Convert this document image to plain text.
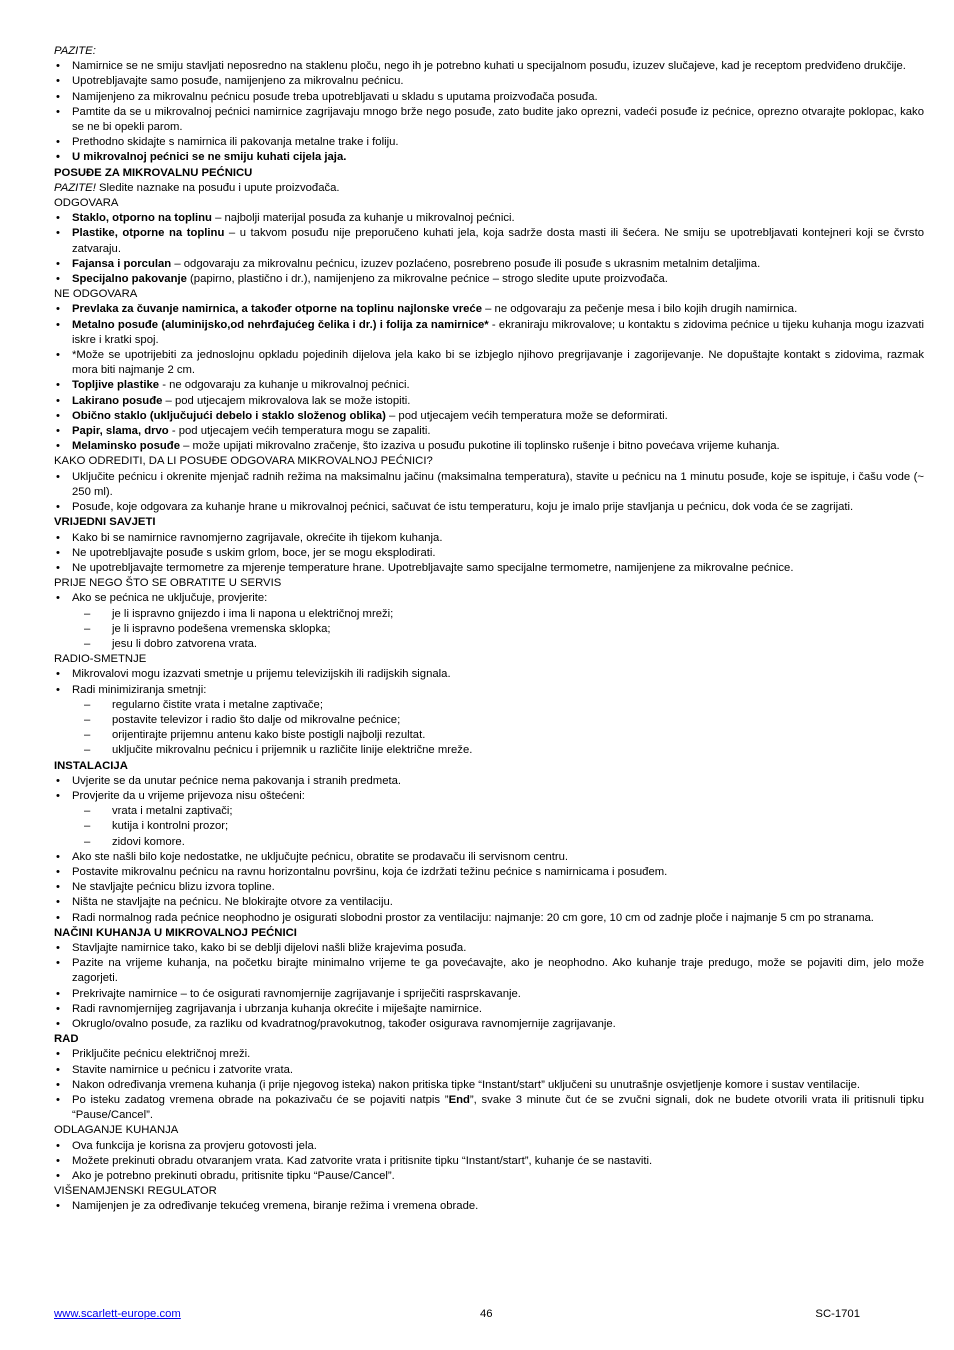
PAZITE:

• Namirnice se ne smiju stavljati neposredno na staklenu ploču, nego ih je potrebno kuhati u specijalnom posuđu, izuzev slučajeve, kad je receptom predviđeno drukčije.
• Upotrebljavajte samo posuđe, namijenjeno za mikrovalnu pećnicu.
• Namijenjeno za mikrovalnu pećnicu posuđe treba upotrebljavati u skladu s uputama proizvođača posuđa.
• Pamtite da se u mikrovalnoj pećnici namirnice zagrijavaju mnogo brže nego posuđe, zato budite jako oprezni, vadeći posuđe iz pećnice, oprezno otvarajte poklopac, kako se ne bi opekli parom.
• Prethodno skidajte s namirnica ili pakovanja metalne trake i foliju.
• U mikrovalnoj pećnici se ne smiju kuhati cijela jaja.

POSUĐE ZA MIKROVALNU PEĆNICU

PAZITE! Sledite naznake na posuđu i upute proizvođača.

ODGOVARA

• Staklo, otporno na toplinu – najbolji materijal posuđa za kuhanje u mikrovalnoj pećnici.
• Plastike, otporne na toplinu – u takvom posuđu nije preporučeno kuhati jela, koja sadrže dosta masti ili šećera. Ne smiju se upotrebljavati kontejneri koji se čvrsto zatvaraju.
• Fajansa i porculan – odgovaraju za mikrovalnu pećnicu, izuzev pozlaćeno, posrebreno posuđe ili posuđe s ukrasnim metalnim detaljima.
• Specijalno pakovanje (papirno, plastično i dr.), namijenjeno za mikrovalne pećnice – strogo sledite upute proizvođača.

NE ODGOVARA

• Prevlaka za čuvanje namirnica, a također otporne na toplinu najlonske vreće – ne odgovaraju za pečenje mesa i bilo kojih drugih namirnica.
• Metalno posuđe (aluminijsko,od nehrđajućeg čelika i dr.) i folija za namirnice* - ekraniraju mikrovalove; u kontaktu s zidovima pećnice u tijeku kuhanja mogu izazvati iskre i kratki spoj.
• *Može se upotrijebiti za jednoslojnu opkladu pojedinih dijelova jela kako bi se izbjeglo njihovo pregrijavanje i zagorijevanje. Ne dopuštajte kontakt s zidovima, razmak mora biti najmanje 2 cm.
• Topljive plastike - ne odgovaraju za kuhanje u mikrovalnoj pećnici.
• Lakirano posuđe – pod utjecajem mikrovalova lak se može istopiti.
• Obično staklo (uključujući debelo i staklo složenog oblika) – pod utjecajem većih temperatura može se deformirati.
• Papir, slama, drvo - pod utjecajem većih temperatura mogu se zapaliti.
• Melaminsko posuđe – može upijati mikrovalno zračenje, što izaziva u posuđu pukotine ili toplinsko rušenje i bitno povećava vrijeme kuhanja.

KAKO ODREDITI, DA LI POSUĐE ODGOVARA MIKROVALNOJ PEĆNICI?

• Uključite pećnicu i okrenite mjenjač radnih režima na maksimalnu jačinu (maksimalna temperatura), stavite u pećnicu na 1 minutu posuđe, koje se ispituje, i čašu vode (~ 250 ml).
• Posuđe, koje odgovara za kuhanje hrane u mikrovalnoj pećnici, sačuvat će istu temperaturu, koju je imalo prije stavljanja u pećnicu, dok voda će se zagrijati.

VRIJEDNI SAVJETI

• Kako bi se namirnice ravnomjerno zagrijavale, okrećite ih tijekom kuhanja.
• Ne upotrebljavajte posuđe s uskim grlom, boce, jer se mogu eksplodirati.
• Ne upotrebljavajte termometre za mjerenje temperature hrane. Upotrebljavajte samo specijalne termometre, namijenjene za mikrovalne pećnice.

PRIJE NEGO ŠTO SE OBRATITE U SERVIS

• Ako se pećnica ne uključuje, provjerite:
– je li ispravno gnijezdo i ima li napona u električnoj mreži;
– je li ispravno podešena vremenska sklopka;
– jesu li dobro zatvorena vrata.

RADIO-SMETNJE

• Mikrovalovi mogu izazvati smetnje u prijemu televizijskih ili radijskih signala.
• Radi minimiziranja smetnji:
– regularno čistite vrata i metalne zaptivače;
– postavite televizor i radio što dalje od mikrovalne pećnice;
– orijentirajte prijemnu antenu kako biste postigli najbolji rezultat.
– uključite mikrovalnu pećnicu i prijemnik u različite linije električne mreže.

INSTALACIJA

• Uvjerite se da unutar pećnice nema pakovanja i stranih predmeta.
• Provjerite da u vrijeme prijevoza nisu oštećeni:
– vrata i metalni zaptivači;
– kutija i kontrolni prozor;
– zidovi komore.
• Ako ste našli bilo koje nedostatke, ne uključujte pećnicu, obratite se prodavaču ili servisnom centru.
• Postavite mikrovalnu pećnicu na ravnu horizontalnu površinu, koja će izdržati težinu pećnice s namirnicama i posuđem.
• Ne stavljajte pećnicu blizu izvora topline.
• Ništa ne stavljajte na pećnicu. Ne blokirajte otvore za ventilaciju.
• Radi normalnog rada pećnice neophodno je osigurati slobodni prostor za ventilaciju: najmanje: 20 cm gore, 10 cm od zadnje ploče i najmanje 5 cm po stranama.

NAČINI KUHANJA U MIKROVALNOJ PEĆNICI

• Stavljajte namirnice tako, kako bi se deblji dijelovi našli bliže krajevima posuđa.
• Pazite na vrijeme kuhanja, na početku birajte minimalno vrijeme te ga povećavajte, ako je neophodno. Ako kuhanje traje predugo, može se pojaviti dim, jelo može zagorjeti.
• Prekrivajte namirnice – to će osigurati ravnomjernije zagrijavanje i spriječiti rasprskavanje.
• Radi ravnomjernijeg zagrijavanja i ubrzanja kuhanja okrećite i miješajte namirnice.
• Okruglo/ovalno posuđe, za razliku od kvadratnog/pravokutnog, također osigurava ravnomjernije zagrijavanje.

RAD

• Priključite pećnicu električnoj mreži.
• Stavite namirnice u pećnicu i zatvorite vrata.
• Nakon određivanja vremena kuhanja (i prije njegovog isteka) nakon pritiska tipke “Instant/start” uključeni su unutrašnje osvjetljenje komore i sustav ventilacije.
• Po isteku zadatog vremena obrade na pokazivaču će se pojaviti natpis ”End”, svake 3 minute čut će se zvučni signali, dok ne budete otvorili vrata ili pritisnuli tipku “Pause/Cancel”.

ODLAGANJE KUHANJA

• Ova funkcija je korisna za provjeru gotovosti jela.
• Možete prekinuti obradu otvaranjem vrata. Kad zatvorite vrata i pritisnite tipku “Instant/start”, kuhanje će se nastaviti.
• Ako je potrebno prekinuti obradu, pritisnite tipku “Pause/Cancel”.

VIŠENAMJENSKI REGULATOR

• Namijenjen je za određivanje tekućeg vremena, biranje režima i vremena obrade.
www.scarlett-europe.com	46	SC-1701
